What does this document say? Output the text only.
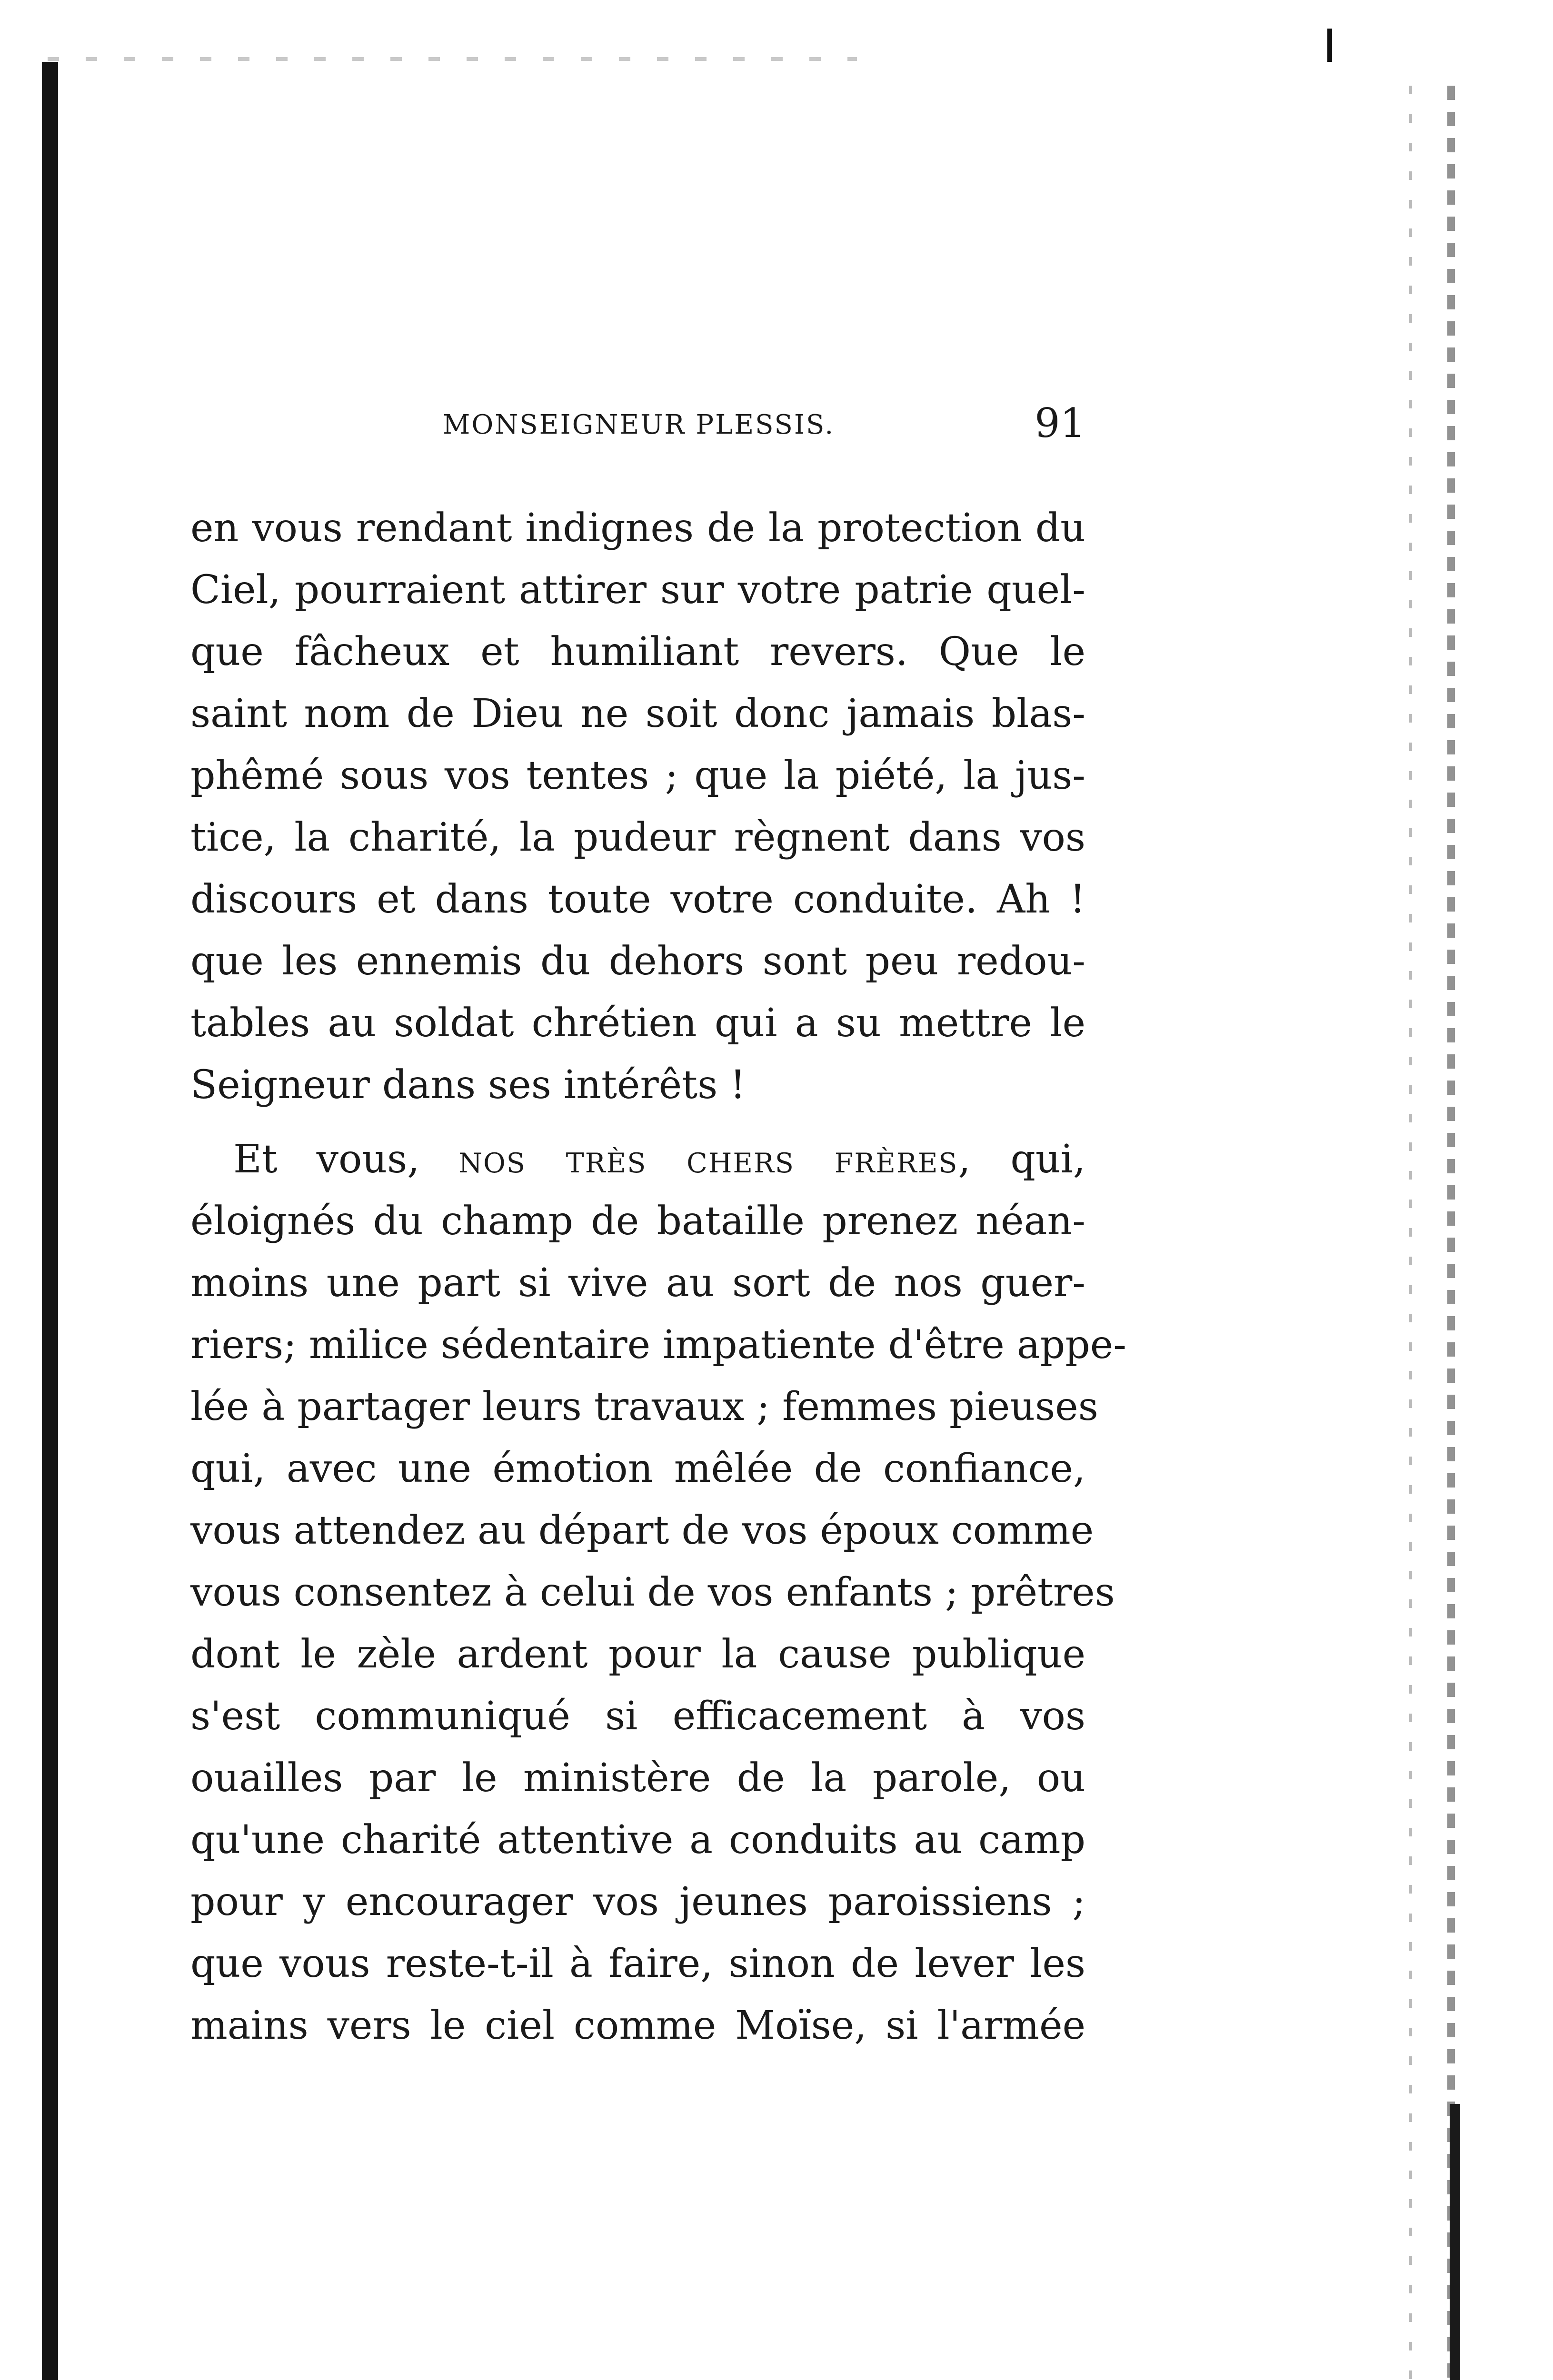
MONSEIGNEUR PLESSIS.	91
en vous rendant indignes de la protection du
Ciel, pourraient attirer sur votre patrie quel-
que fâcheux et humiliant revers. Que le
saint nom de Dieu ne soit donc jamais blas-
phêmé sous vos tentes ; que la piété, la jus-
tice, la charité, la pudeur règnent dans vos
discours et dans toute votre conduite. Ah !
que les ennemis du dehors sont peu redou-
tables au soldat chrétien qui a su mettre le
Seigneur dans ses intérêts !
Et vous, nos très chers frères, qui,
éloignés du champ de bataille prenez néan-
moins une part si vive au sort de nos guer-
riers; milice sédentaire impatiente d'être appe-
lée à partager leurs travaux ; femmes pieuses
qui, avec une émotion mêlée de confiance,
vous attendez au départ de vos époux comme
vous consentez à celui de vos enfants ; prêtres
dont le zèle ardent pour la cause publique
s'est communiqué si efficacement à vos
ouailles par le ministère de la parole, ou
qu'une charité attentive a conduits au camp
pour y encourager vos jeunes paroissiens ;
que vous reste-t-il à faire, sinon de lever les
mains vers le ciel comme Moïse, si l'armée
